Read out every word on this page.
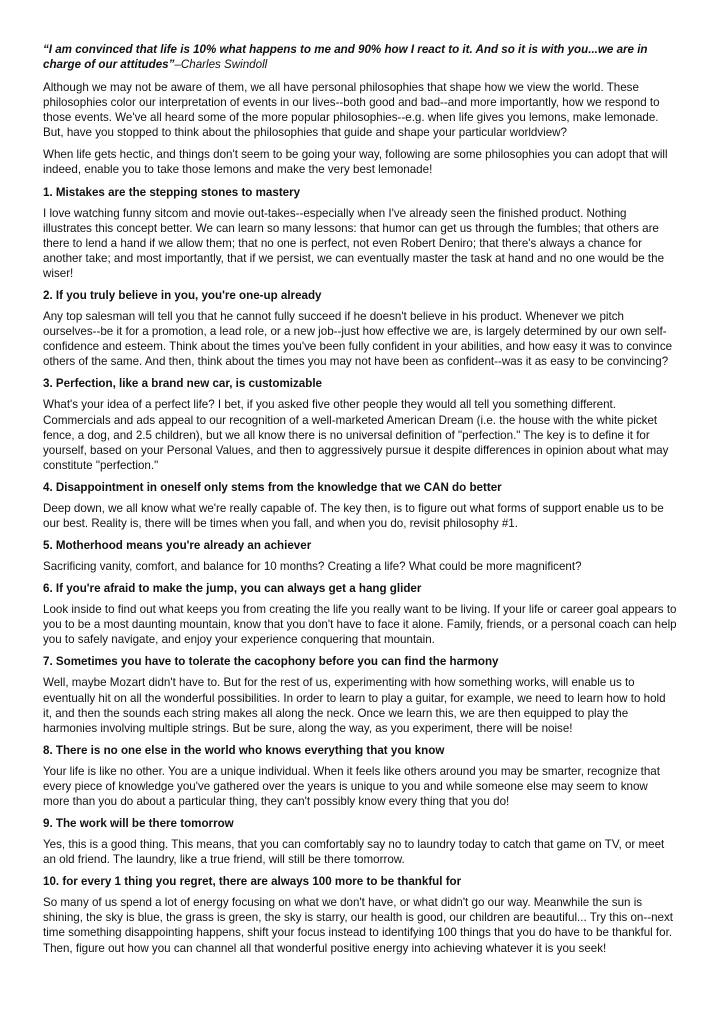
“I am convinced that life is 10% what happens to me and 90% how I react to it. And so it is with you...we are in charge of our attitudes”–Charles Swindoll

Although we may not be aware of them, we all have personal philosophies that shape how we view the world. These philosophies color our interpretation of events in our lives--both good and bad--and more importantly, how we respond to those events. We've all heard some of the more popular philosophies--e.g. when life gives you lemons, make lemonade. But, have you stopped to think about the philosophies that guide and shape your particular worldview?

When life gets hectic, and things don't seem to be going your way, following are some philosophies you can adopt that will indeed, enable you to take those lemons and make the very best lemonade!

1. Mistakes are the stepping stones to mastery

I love watching funny sitcom and movie out-takes--especially when I've already seen the finished product. Nothing illustrates this concept better. We can learn so many lessons: that humor can get us through the fumbles; that others are there to lend a hand if we allow them; that no one is perfect, not even Robert Deniro; that there's always a chance for another take; and most importantly, that if we persist, we can eventually master the task at hand and no one would be the wiser!

2. If you truly believe in you, you're one-up already

Any top salesman will tell you that he cannot fully succeed if he doesn't believe in his product. Whenever we pitch ourselves--be it for a promotion, a lead role, or a new job--just how effective we are, is largely determined by our own self-confidence and esteem. Think about the times you've been fully confident in your abilities, and how easy it was to convince others of the same. And then, think about the times you may not have been as confident--was it as easy to be convincing?

3. Perfection, like a brand new car, is customizable

What's your idea of a perfect life? I bet, if you asked five other people they would all tell you something different. Commercials and ads appeal to our recognition of a well-marketed American Dream (i.e. the house with the white picket fence, a dog, and 2.5 children), but we all know there is no universal definition of "perfection." The key is to define it for yourself, based on your Personal Values, and then to aggressively pursue it despite differences in opinion about what may constitute "perfection."

4. Disappointment in oneself only stems from the knowledge that we CAN do better

Deep down, we all know what we're really capable of. The key then, is to figure out what forms of support enable us to be our best. Reality is, there will be times when you fall, and when you do, revisit philosophy #1.

5. Motherhood means you're already an achiever

Sacrificing vanity, comfort, and balance for 10 months? Creating a life? What could be more magnificent?

6. If you're afraid to make the jump, you can always get a hang glider

Look inside to find out what keeps you from creating the life you really want to be living. If your life or career goal appears to you to be a most daunting mountain, know that you don't have to face it alone. Family, friends, or a personal coach can help you to safely navigate, and enjoy your experience conquering that mountain.

7. Sometimes you have to tolerate the cacophony before you can find the harmony

Well, maybe Mozart didn't have to. But for the rest of us, experimenting with how something works, will enable us to eventually hit on all the wonderful possibilities. In order to learn to play a guitar, for example, we need to learn how to hold it, and then the sounds each string makes all along the neck. Once we learn this, we are then equipped to play the harmonies involving multiple strings. But be sure, along the way, as you experiment, there will be noise!

8. There is no one else in the world who knows everything that you know

Your life is like no other. You are a unique individual. When it feels like others around you may be smarter, recognize that every piece of knowledge you've gathered over the years is unique to you and while someone else may seem to know more than you do about a particular thing, they can't possibly know every thing that you do!

9. The work will be there tomorrow

Yes, this is a good thing. This means, that you can comfortably say no to laundry today to catch that game on TV, or meet an old friend. The laundry, like a true friend, will still be there tomorrow.

10. for every 1 thing you regret, there are always 100 more to be thankful for

So many of us spend a lot of energy focusing on what we don't have, or what didn't go our way. Meanwhile the sun is shining, the sky is blue, the grass is green, the sky is starry, our health is good, our children are beautiful... Try this on--next time something disappointing happens, shift your focus instead to identifying 100 things that you do have to be thankful for. Then, figure out how you can channel all that wonderful positive energy into achieving whatever it is you seek!
